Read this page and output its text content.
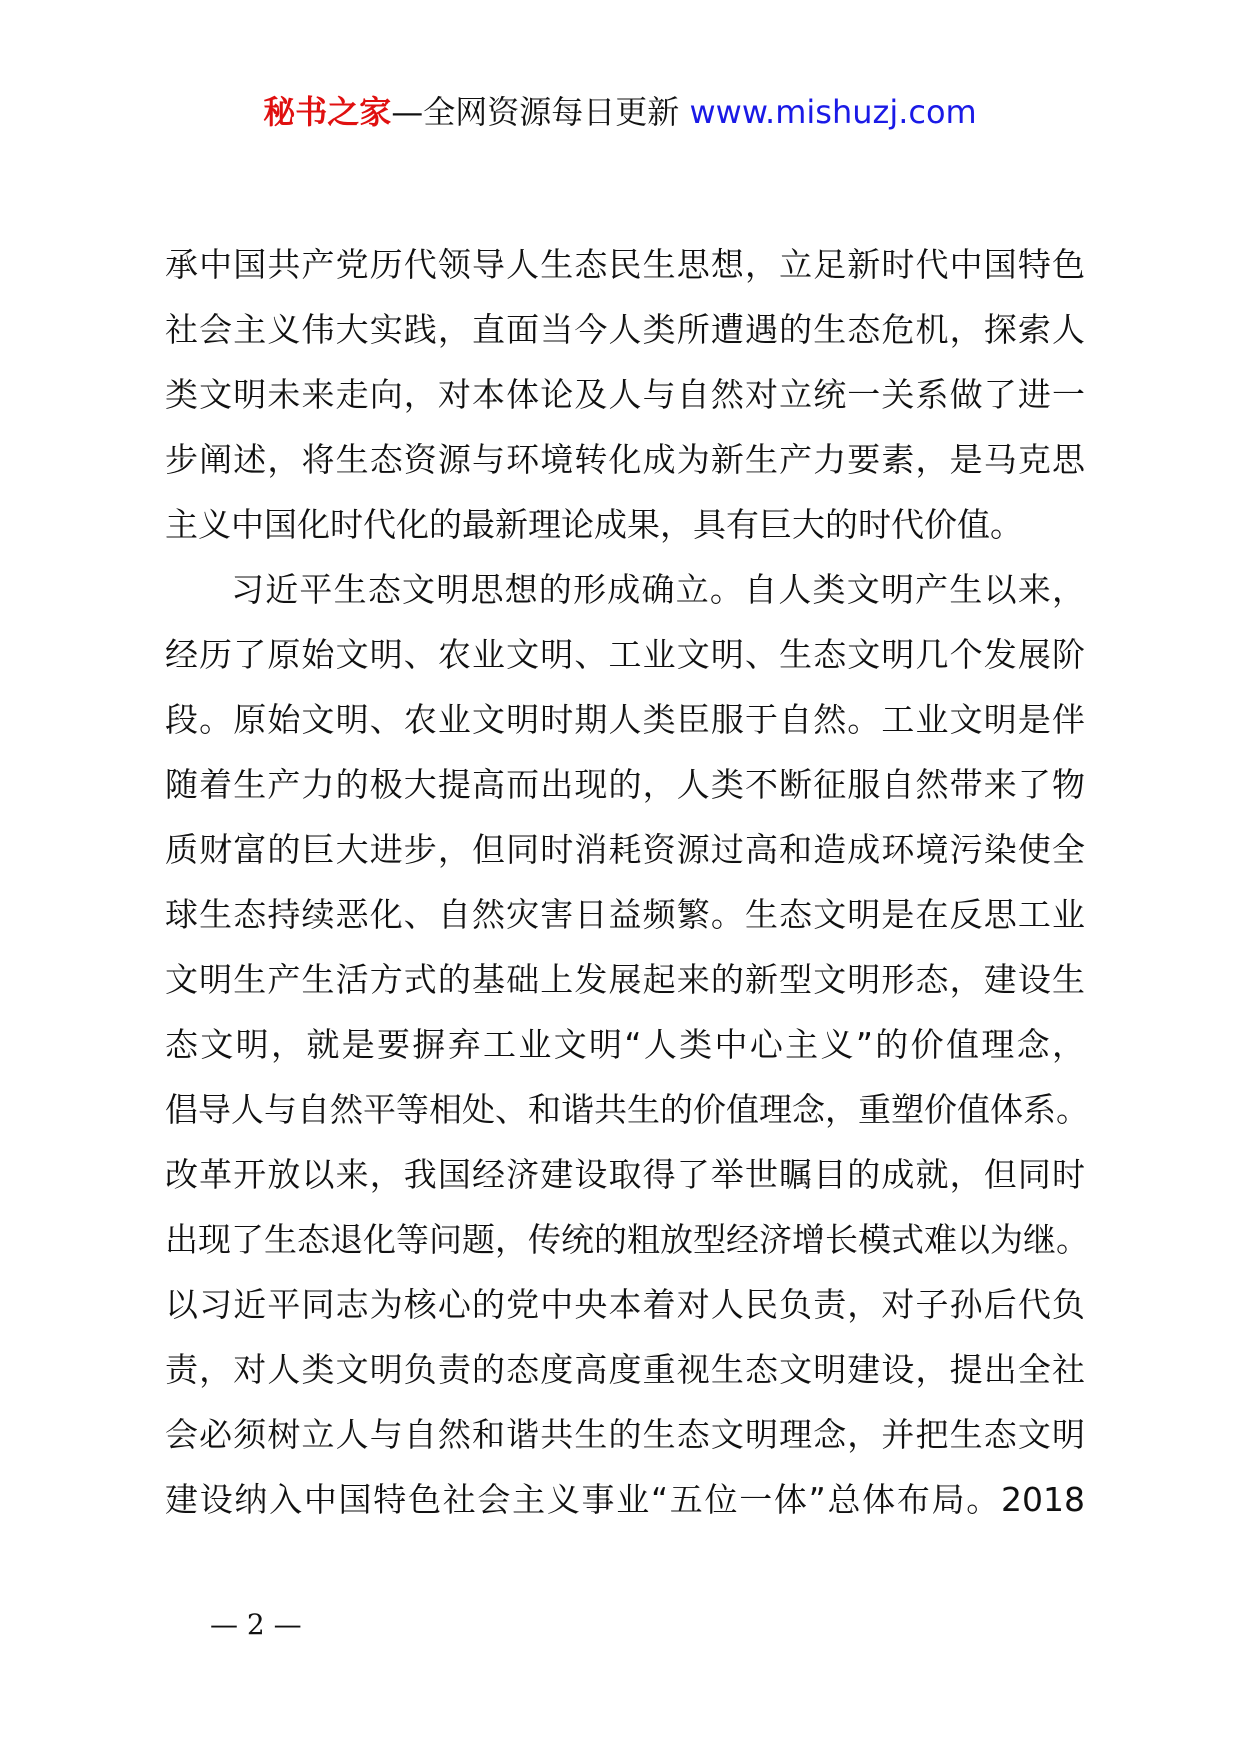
秘书之家—全网资源每日更新 www.mishuzj.com
承中国共产党历代领导人生态民生思想，立足新时代中国特色
社会主义伟大实践，直面当今人类所遭遇的生态危机，探索人
类文明未来走向，对本体论及人与自然对立统一关系做了进一
步阐述，将生态资源与环境转化成为新生产力要素，是马克思
主义中国化时代化的最新理论成果，具有巨大的时代价值。
习近平生态文明思想的形成确立。自人类文明产生以来，
经历了原始文明、农业文明、工业文明、生态文明几个发展阶
段。原始文明、农业文明时期人类臣服于自然。工业文明是伴
随着生产力的极大提高而出现的，人类不断征服自然带来了物
质财富的巨大进步，但同时消耗资源过高和造成环境污染使全
球生态持续恶化、自然灾害日益频繁。生态文明是在反思工业
文明生产生活方式的基础上发展起来的新型文明形态，建设生
态文明，就是要摒弃工业文明“人类中心主义”的价值理念，
倡导人与自然平等相处、和谐共生的价值理念，重塑价值体系。
改革开放以来，我国经济建设取得了举世瞩目的成就，但同时
出现了生态退化等问题，传统的粗放型经济增长模式难以为继。
以习近平同志为核心的党中央本着对人民负责，对子孙后代负
责，对人类文明负责的态度高度重视生态文明建设，提出全社
会必须树立人与自然和谐共生的生态文明理念，并把生态文明
建设纳入中国特色社会主义事业“五位一体”总体布局。2018
— 2 —
